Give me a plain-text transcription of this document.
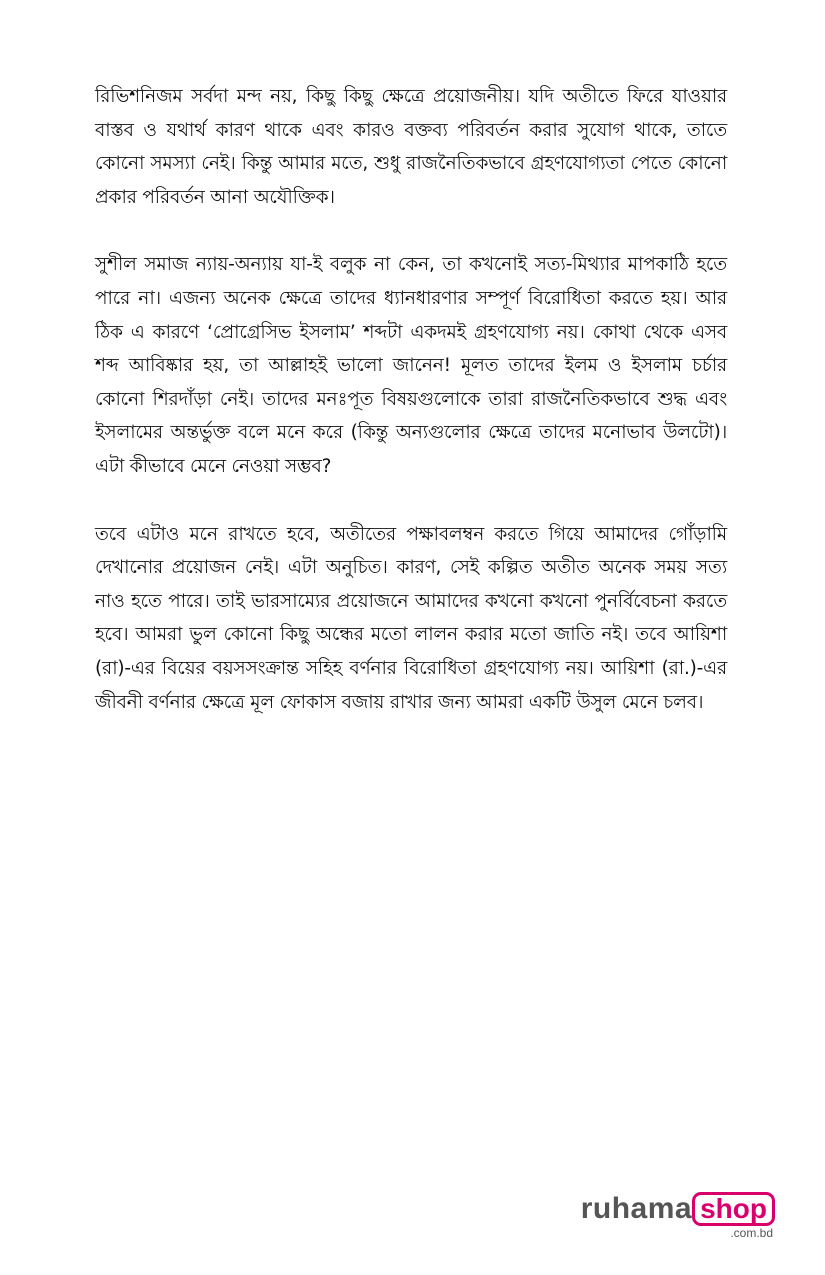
রিভিশনিজম সর্বদা মন্দ নয়, কিছু কিছু ক্ষেত্রে প্রয়োজনীয়। যদি অতীতে ফিরে যাওয়ার বাস্তব ও যথার্থ কারণ থাকে এবং কারও বক্তব্য পরিবর্তন করার সুযোগ থাকে, তাতে কোনো সমস্যা নেই। কিন্তু আমার মতে, শুধু রাজনৈতিকভাবে গ্রহণযোগ্যতা পেতে কোনো প্রকার পরিবর্তন আনা অযৌক্তিক।

সুশীল সমাজ ন্যায়-অন্যায় যা-ই বলুক না কেন, তা কখনোই সত্য-মিথ্যার মাপকাঠি হতে পারে না। এজন্য অনেক ক্ষেত্রে তাদের ধ্যানধারণার সম্পূর্ণ বিরোধিতা করতে হয়। আর ঠিক এ কারণে ‘প্রোগ্রেসিভ ইসলাম’ শব্দটা একদমই গ্রহণযোগ্য নয়। কোথা থেকে এসব শব্দ আবিষ্কার হয়, তা আল্লাহই ভালো জানেন! মূলত তাদের ইলম ও ইসলাম চর্চার কোনো শিরদাঁড়া নেই। তাদের মনঃপূত বিষয়গুলোকে তারা রাজনৈতিকভাবে শুদ্ধ এবং ইসলামের অন্তর্ভুক্ত বলে মনে করে (কিন্তু অন্যগুলোর ক্ষেত্রে তাদের মনোভাব উলটো)। এটা কীভাবে মেনে নেওয়া সম্ভব?

তবে এটাও মনে রাখতে হবে, অতীতের পক্ষাবলম্বন করতে গিয়ে আমাদের গোঁড়ামি দেখানোর প্রয়োজন নেই। এটা অনুচিত। কারণ, সেই কল্পিত অতীত অনেক সময় সত্য নাও হতে পারে। তাই ভারসাম্যের প্রয়োজনে আমাদের কখনো কখনো পুনর্বিবেচনা করতে হবে। আমরা ভুল কোনো কিছু অন্ধের মতো লালন করার মতো জাতি নই। তবে আয়িশা (রা)-এর বিয়ের বয়সসংক্রান্ত সহিহ বর্ণনার বিরোধিতা গ্রহণযোগ্য নয়। আয়িশা (রা.)-এর জীবনী বর্ণনার ক্ষেত্রে মূল ফোকাস বজায় রাখার জন্য আমরা একটি উসুল মেনে চলব।

ruhama shop
.com.bd
